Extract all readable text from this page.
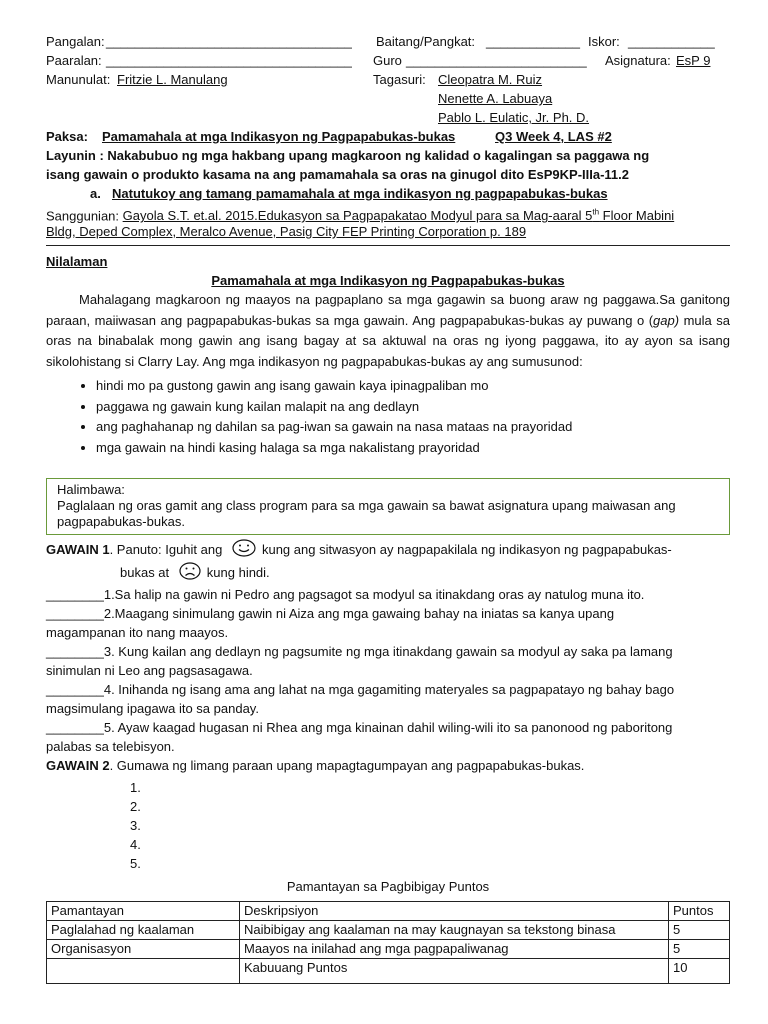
Pangalan: __________________________________ Baitang/Pangkat: _____________ Iskor: ____________
Paaralan: __________________________________ Guro _________________________ Asignatura: EsP 9
Manunulat: Fritzie L. Manulang	Tagasuri: Cleopatra M. Ruiz
Nenette A. Labuaya
Pablo L. Eulatic, Jr. Ph. D.
Paksa: Pamamahala at mga Indikasyon ng Pagpapabukas-bukas	Q3 Week 4, LAS #2
Layunin : Nakabubuo ng mga hakbang upang magkaroon ng kalidad o kagalingan sa paggawa ng
isang gawain o produkto kasama na ang pamamahala sa oras na ginugol dito EsP9KP-IIIa-11.2
a. Natutukoy ang tamang pamamahala at mga indikasyon ng pagpapabukas-bukas
Sanggunian: Gayola S.T. et.al. 2015.Edukasyon sa Pagpapakatao Modyul para sa Mag-aaral 5th Floor Mabini
Bldg, Deped Complex, Meralco Avenue, Pasig City FEP Printing Corporation p. 189
Nilalaman
Pamamahala at mga Indikasyon ng Pagpapabukas-bukas

Mahalagang magkaroon ng maayos na pagpaplano sa mga gagawin sa buong araw ng paggawa.Sa ganitong paraan, maiiwasan ang pagpapabukas-bukas sa mga gawain. Ang pagpapabukas-bukas ay puwang o (gap) mula sa oras na binabalak mong gawin ang isang bagay at sa aktuwal na oras ng iyong paggawa, ito ay ayon sa isang sikolohistang si Clarry Lay. Ang mga indikasyon ng pagpapabukas-bukas ay ang sumusunod:

• hindi mo pa gustong gawin ang isang gawain kaya ipinagpaliban mo
• paggawa ng gawain kung kailan malapit na ang dedlayn
• ang paghahanap ng dahilan sa pag-iwan sa gawain na nasa mataas na prayoridad
• mga gawain na hindi kasing halaga sa mga nakalistang prayoridad
Halimbawa:
Paglalaan ng oras gamit ang class program para sa mga gawain sa bawat asignatura upang maiwasan ang pagpapabukas-bukas.
GAWAIN 1. Panuto: Iguhit ang	kung ang sitwasyon ay nagpapakilala ng indikasyon ng pagpapabukas-
bukas at	kung hindi.
________1.Sa halip na gawin ni Pedro ang pagsagot sa modyul sa itinakdang oras ay natulog muna ito.
________2.Maagang sinimulang gawin ni Aiza ang mga gawaing bahay na iniatas sa kanya upang
magampanan ito nang maayos.
________3. Kung kailan ang dedlayn ng pagsumite ng mga itinakdang gawain sa modyul ay saka pa lamang
sinimulan ni Leo ang pagsasagawa.
________4. Inihanda ng isang ama ang lahat na mga gagamiting materyales sa pagpapatayo ng bahay bago
magsimulang ipagawa ito sa panday.
________5. Ayaw kaagad hugasan ni Rhea ang mga kinainan dahil wiling-wili ito sa panonood ng paboritong
palabas sa telebisyon.
GAWAIN 2. Gumawa ng limang paraan upang mapagtagumpayan ang pagpapabukas-bukas.
1.
2.
3.
4.
5.
Pamantayan sa Pagbibigay Puntos
Pamantayan	Deskripsiyon	Puntos
Paglalahad ng kaalaman	Naibibigay ang kaalaman na may kaugnayan sa tekstong binasa	5
Organisasyon	Maayos na inilahad ang mga pagpapaliwanag	5
	Kabuuang Puntos	10
